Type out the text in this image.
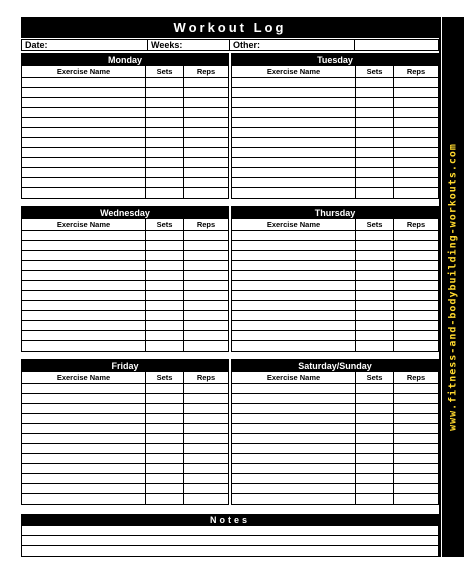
Workout Log
Date:	Weeks:	Other:
Monday
Exercise Name	Sets	Reps
Tuesday
Exercise Name	Sets	Reps
Wednesday
Exercise Name	Sets	Reps
Thursday
Exercise Name	Sets	Reps
Friday
Exercise Name	Sets	Reps
Saturday/Sunday
Exercise Name	Sets	Reps
Notes
www.fitness-and-bodybuilding-workouts.com
